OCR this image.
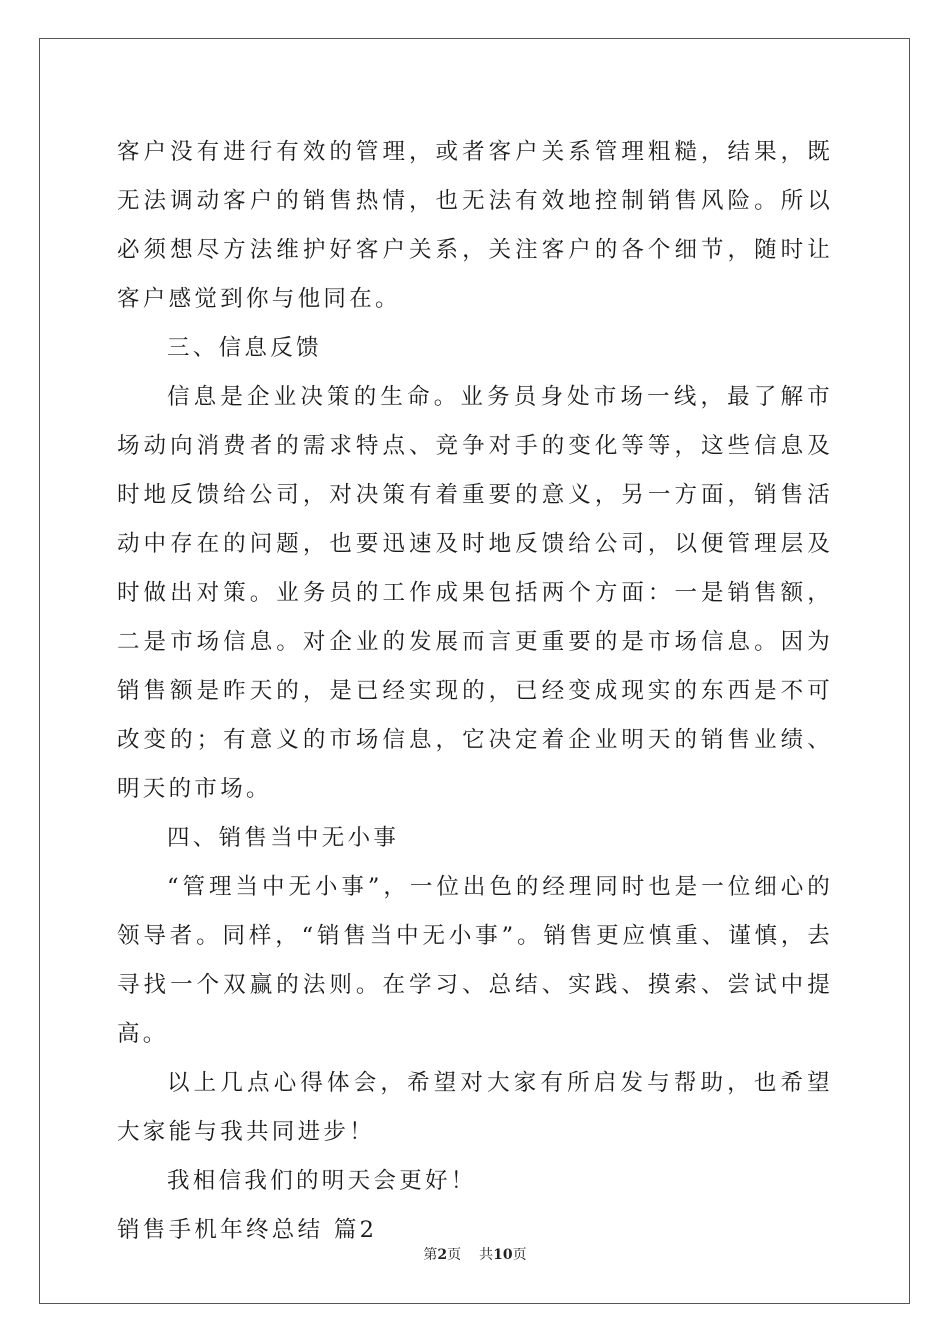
客户没有进行有效的管理，或者客户关系管理粗糙，结果，既无法调动客户的销售热情，也无法有效地控制销售风险。所以必须想尽方法维护好客户关系，关注客户的各个细节，随时让客户感觉到你与他同在。

三、信息反馈

信息是企业决策的生命。业务员身处市场一线，最了解市场动向消费者的需求特点、竞争对手的变化等等，这些信息及时地反馈给公司，对决策有着重要的意义，另一方面，销售活动中存在的问题，也要迅速及时地反馈给公司，以便管理层及时做出对策。业务员的工作成果包括两个方面：一是销售额，二是市场信息。对企业的发展而言更重要的是市场信息。因为销售额是昨天的，是已经实现的，已经变成现实的东西是不可改变的；有意义的市场信息，它决定着企业明天的销售业绩、明天的市场。

四、销售当中无小事

“管理当中无小事”，一位出色的经理同时也是一位细心的领导者。同样，“销售当中无小事”。销售更应慎重、谨慎，去寻找一个双赢的法则。在学习、总结、实践、摸索、尝试中提高。

以上几点心得体会，希望对大家有所启发与帮助，也希望大家能与我共同进步！

我相信我们的明天会更好！

销售手机年终总结 篇2

第2页 共10页
